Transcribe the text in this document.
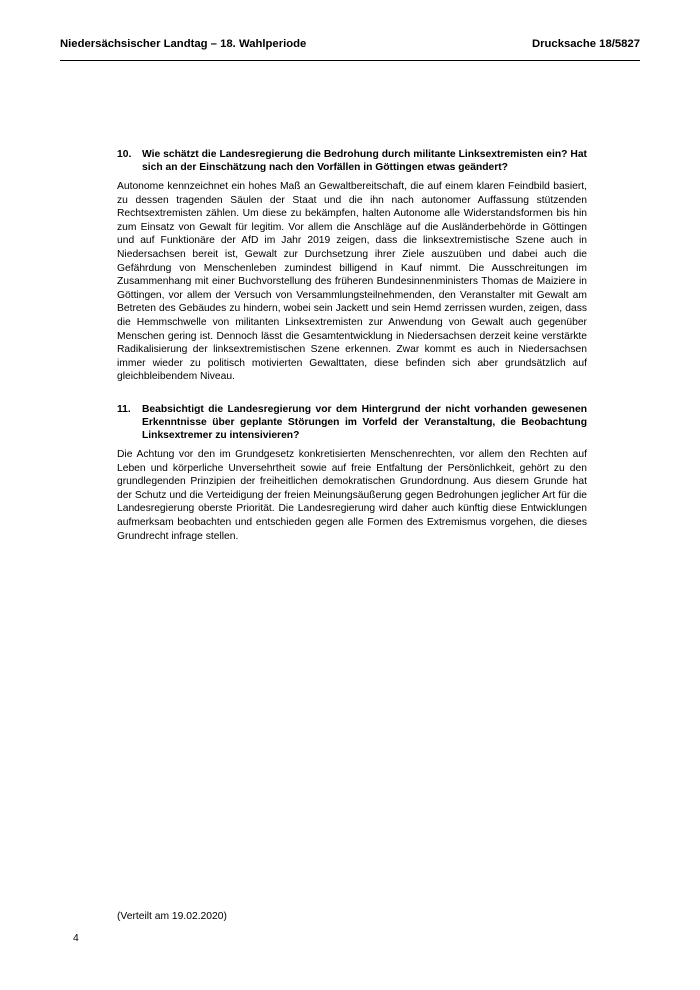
Niedersächsischer Landtag – 18. Wahlperiode	Drucksache 18/5827
10. Wie schätzt die Landesregierung die Bedrohung durch militante Linksextremisten ein? Hat sich an der Einschätzung nach den Vorfällen in Göttingen etwas geändert?
Autonome kennzeichnet ein hohes Maß an Gewaltbereitschaft, die auf einem klaren Feindbild basiert, zu dessen tragenden Säulen der Staat und die ihn nach autonomer Auffassung stützenden Rechtsextremisten zählen. Um diese zu bekämpfen, halten Autonome alle Widerstandsformen bis hin zum Einsatz von Gewalt für legitim. Vor allem die Anschläge auf die Ausländerbehörde in Göttingen und auf Funktionäre der AfD im Jahr 2019 zeigen, dass die linksextremistische Szene auch in Niedersachsen bereit ist, Gewalt zur Durchsetzung ihrer Ziele auszuüben und dabei auch die Gefährdung von Menschenleben zumindest billigend in Kauf nimmt. Die Ausschreitungen im Zusammenhang mit einer Buchvorstellung des früheren Bundesinnenministers Thomas de Maiziere in Göttingen, vor allem der Versuch von Versammlungsteilnehmenden, den Veranstalter mit Gewalt am Betreten des Gebäudes zu hindern, wobei sein Jackett und sein Hemd zerrissen wurden, zeigen, dass die Hemmschwelle von militanten Linksextremisten zur Anwendung von Gewalt auch gegenüber Menschen gering ist. Dennoch lässt die Gesamtentwicklung in Niedersachsen derzeit keine verstärkte Radikalisierung der linksextremistischen Szene erkennen. Zwar kommt es auch in Niedersachsen immer wieder zu politisch motivierten Gewalttaten, diese befinden sich aber grundsätzlich auf gleichbleibendem Niveau.
11. Beabsichtigt die Landesregierung vor dem Hintergrund der nicht vorhanden gewesenen Erkenntnisse über geplante Störungen im Vorfeld der Veranstaltung, die Beobachtung Linksextremer zu intensivieren?
Die Achtung vor den im Grundgesetz konkretisierten Menschenrechten, vor allem den Rechten auf Leben und körperliche Unversehrtheit sowie auf freie Entfaltung der Persönlichkeit, gehört zu den grundlegenden Prinzipien der freiheitlichen demokratischen Grundordnung. Aus diesem Grunde hat der Schutz und die Verteidigung der freien Meinungsäußerung gegen Bedrohungen jeglicher Art für die Landesregierung oberste Priorität. Die Landesregierung wird daher auch künftig diese Entwicklungen aufmerksam beobachten und entschieden gegen alle Formen des Extremismus vorgehen, die dieses Grundrecht infrage stellen.
(Verteilt am 19.02.2020)
4
